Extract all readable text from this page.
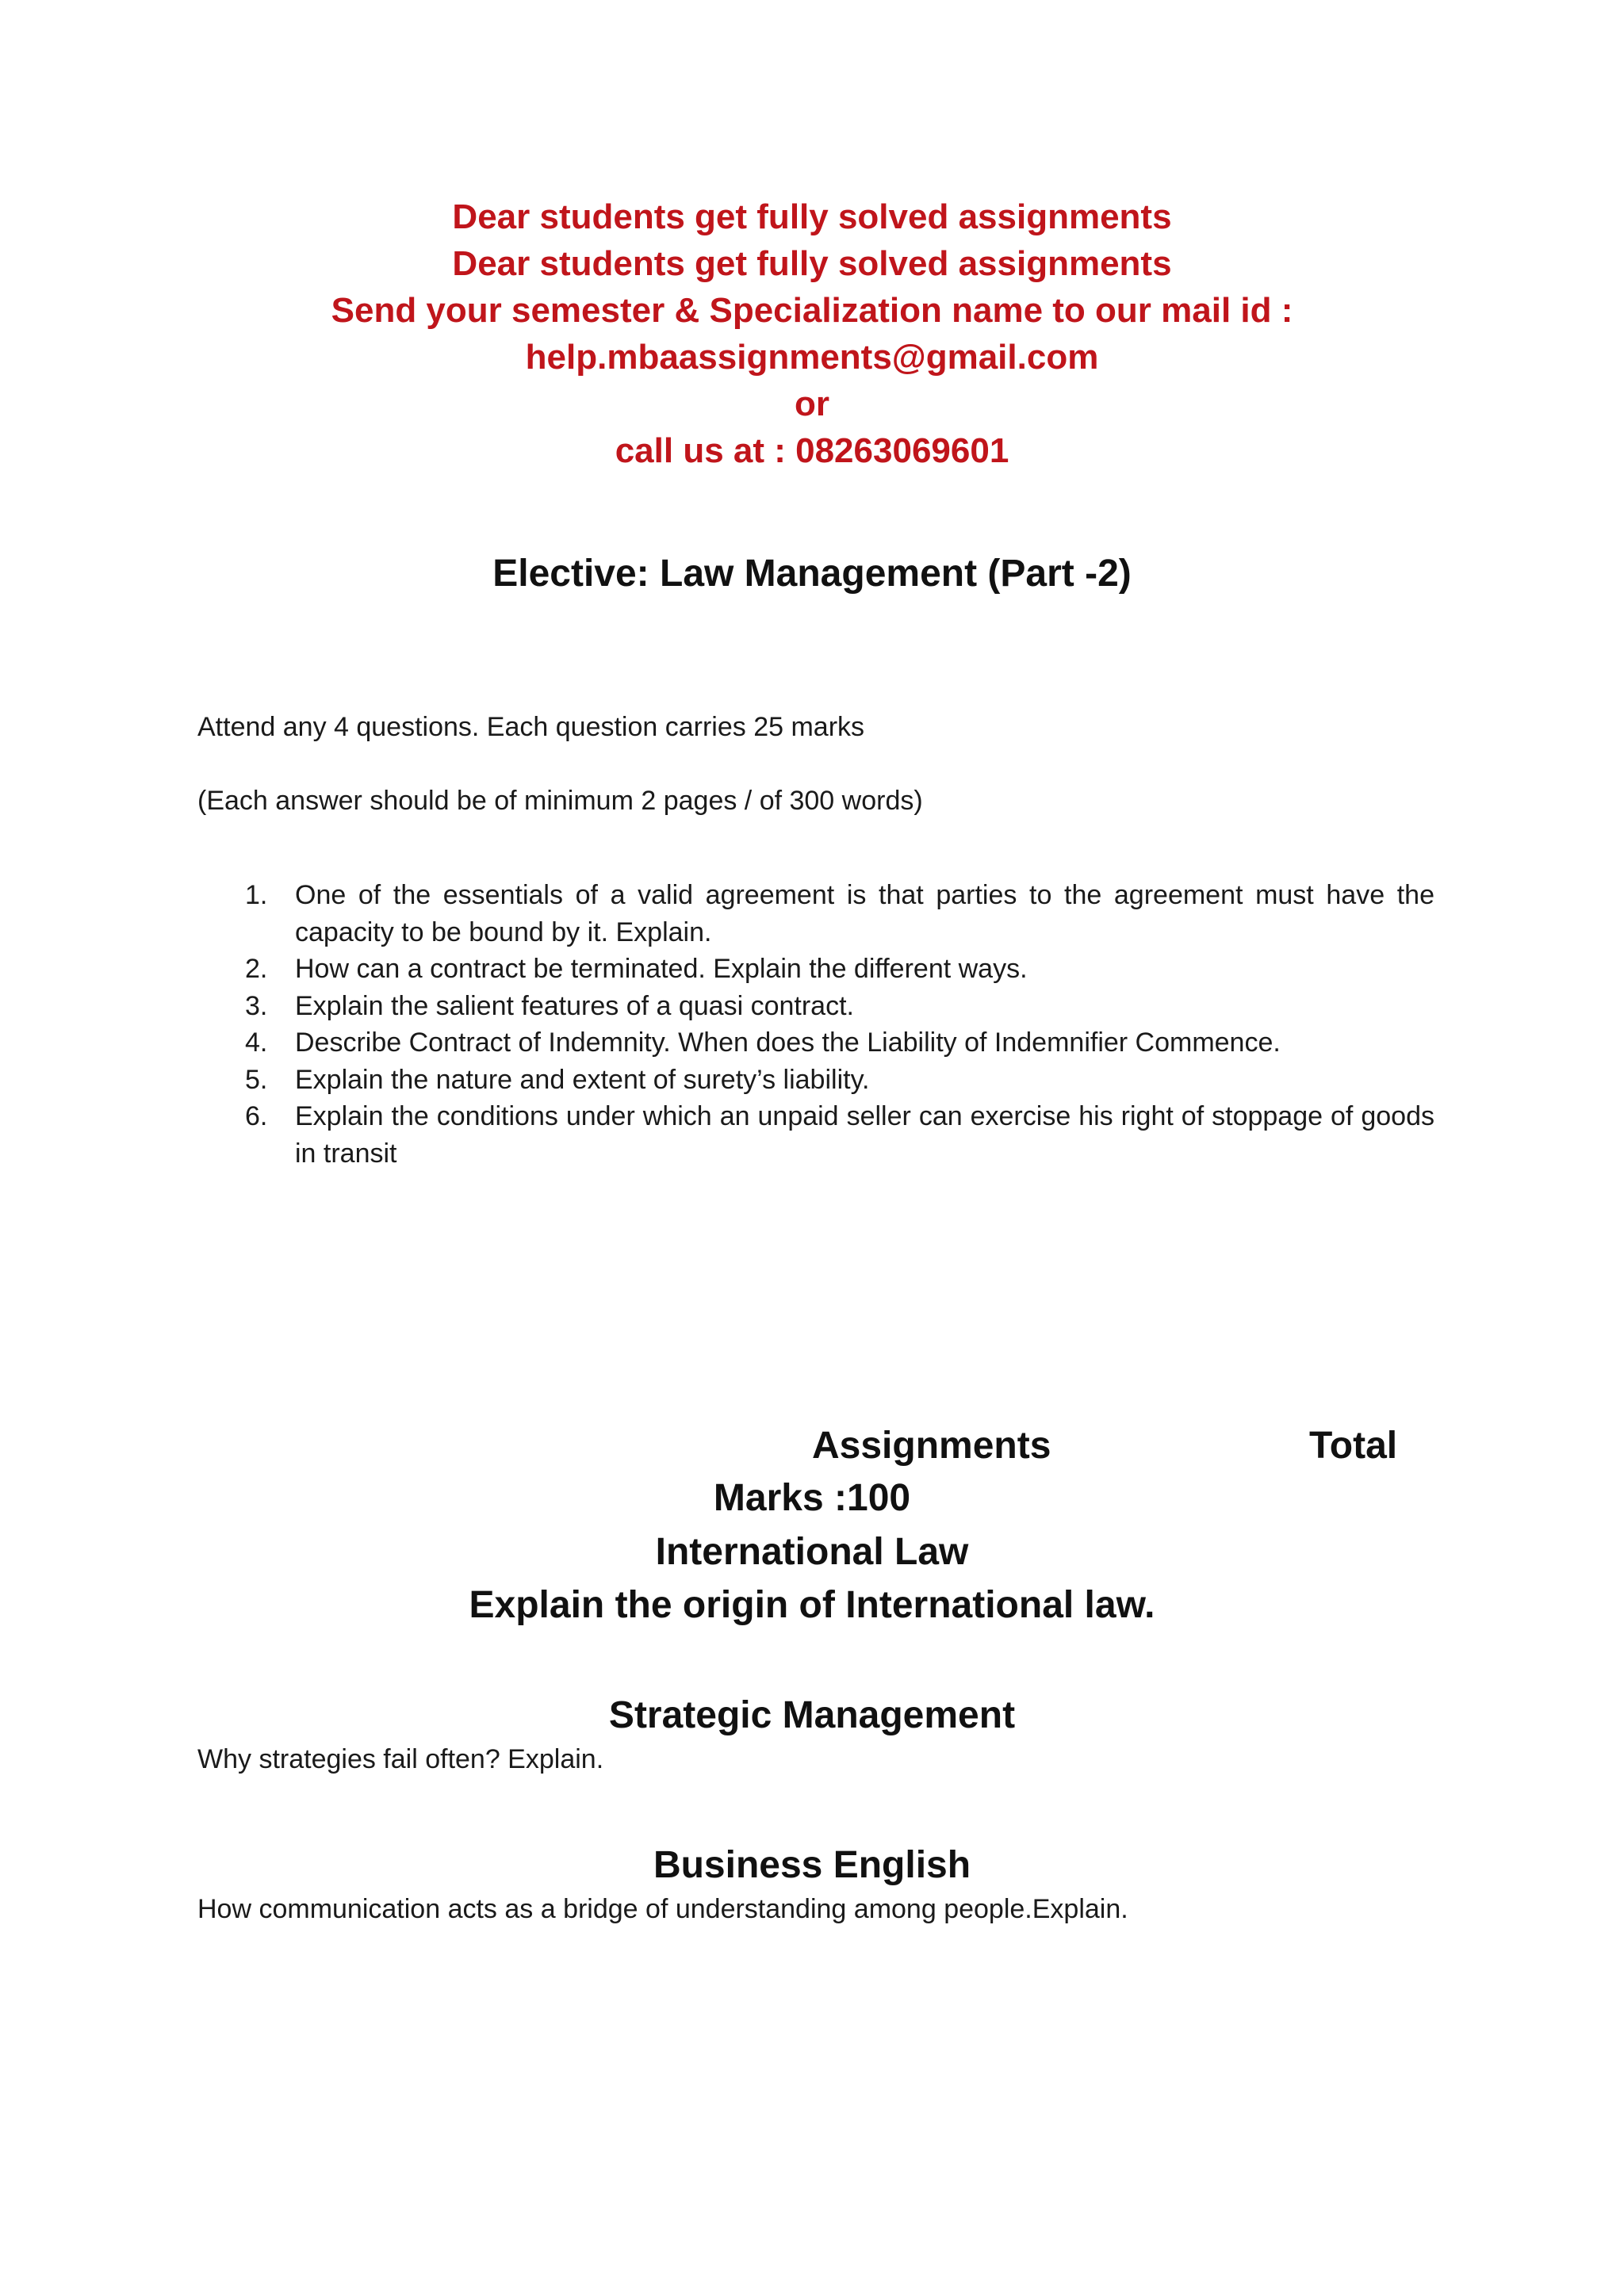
Dear students get fully solved assignments
Dear students get fully solved assignments
Send your semester & Specialization name to our mail id :
help.mbaassignments@gmail.com
or
call us at : 08263069601
Elective: Law Management (Part -2)
Attend any 4 questions. Each question carries 25 marks
(Each answer should be of minimum 2 pages / of 300 words)
1. One of the essentials of a valid agreement is that parties to the agreement must have the capacity to be bound by it. Explain.
2. How can a contract be terminated. Explain the different ways.
3. Explain the salient features of a quasi contract.
4. Describe Contract of Indemnity. When does the Liability of Indemnifier Commence.
5. Explain the nature and extent of surety’s liability.
6. Explain the conditions under which an unpaid seller can exercise his right of stoppage of goods in transit
Assignments	Total
Marks :100
International Law
Explain the origin of International law.
Strategic Management
Why strategies fail often? Explain.
Business English
How communication acts as a bridge of understanding among people.Explain.
